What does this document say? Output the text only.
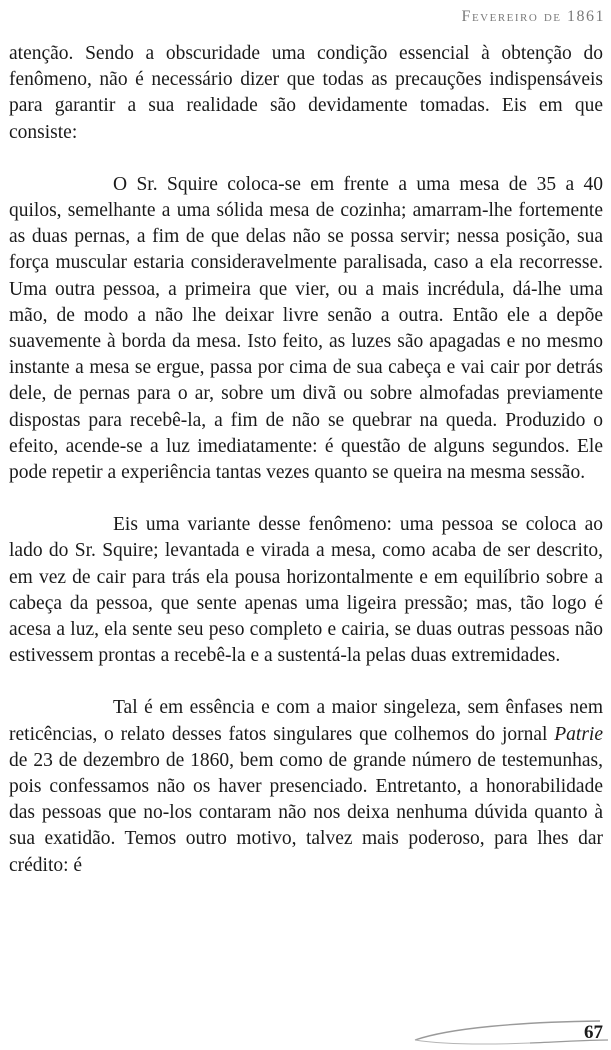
Fevereiro de 1861

atenção. Sendo a obscuridade uma condição essencial à obtenção do fenômeno, não é necessário dizer que todas as precauções indispensáveis para garantir a sua realidade são devidamente tomadas. Eis em que consiste:

O Sr. Squire coloca-se em frente a uma mesa de 35 a 40 quilos, semelhante a uma sólida mesa de cozinha; amarram-lhe fortemente as duas pernas, a fim de que delas não se possa servir; nessa posição, sua força muscular estaria consideravelmente paralisada, caso a ela recorresse. Uma outra pessoa, a primeira que vier, ou a mais incrédula, dá-lhe uma mão, de modo a não lhe deixar livre senão a outra. Então ele a depõe suavemente à borda da mesa. Isto feito, as luzes são apagadas e no mesmo instante a mesa se ergue, passa por cima de sua cabeça e vai cair por detrás dele, de pernas para o ar, sobre um divã ou sobre almofadas previamente dispostas para recebê-la, a fim de não se quebrar na queda. Produzido o efeito, acende-se a luz imediatamente: é questão de alguns segundos. Ele pode repetir a experiência tantas vezes quanto se queira na mesma sessão.

Eis uma variante desse fenômeno: uma pessoa se coloca ao lado do Sr. Squire; levantada e virada a mesa, como acaba de ser descrito, em vez de cair para trás ela pousa horizontalmente e em equilíbrio sobre a cabeça da pessoa, que sente apenas uma ligeira pressão; mas, tão logo é acesa a luz, ela sente seu peso completo e cairia, se duas outras pessoas não estivessem prontas a recebê-la e a sustentá-la pelas duas extremidades.

Tal é em essência e com a maior singeleza, sem ênfases nem reticências, o relato desses fatos singulares que colhemos do jornal Patrie de 23 de dezembro de 1860, bem como de grande número de testemunhas, pois confessamos não os haver presenciado. Entretanto, a honorabilidade das pessoas que no-los contaram não nos deixa nenhuma dúvida quanto à sua exatidão. Temos outro motivo, talvez mais poderoso, para lhes dar crédito: é

67
